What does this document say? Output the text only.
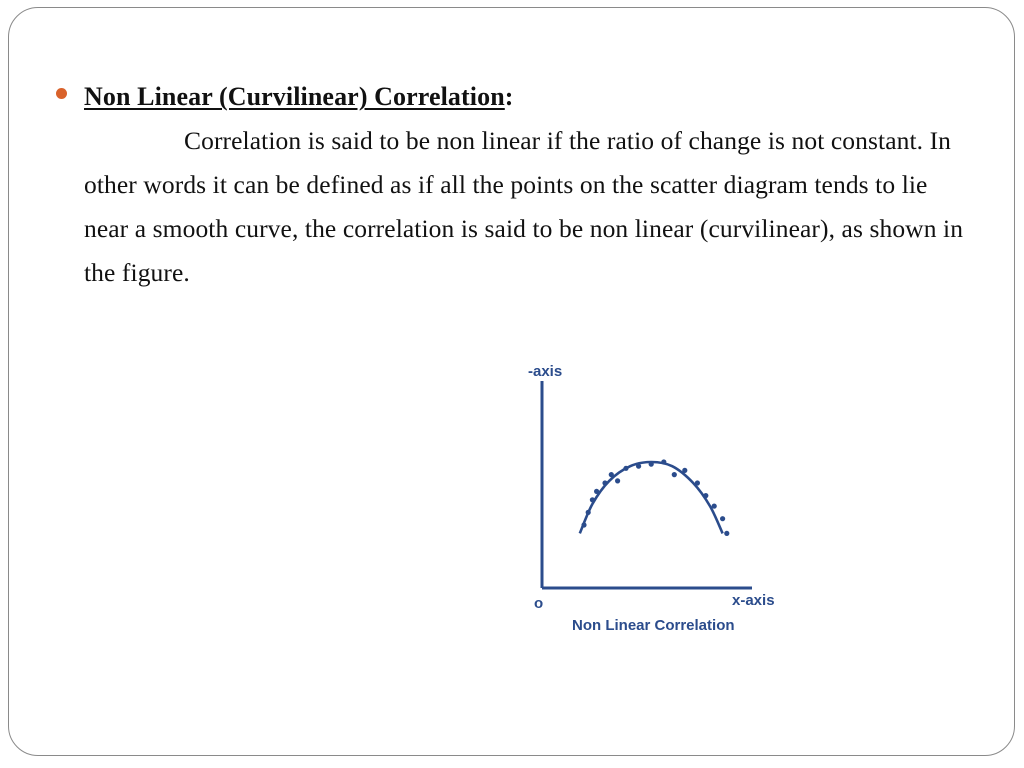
Non Linear (Curvilinear) Correlation:

Correlation is said to be non linear if the ratio of change is not constant. In other words it can be defined as if all the points on the scatter diagram tends to lie near a smooth curve, the correlation is said to be non linear (curvilinear), as shown in the figure.

-axis
x-axis
o
Non Linear Correlation
